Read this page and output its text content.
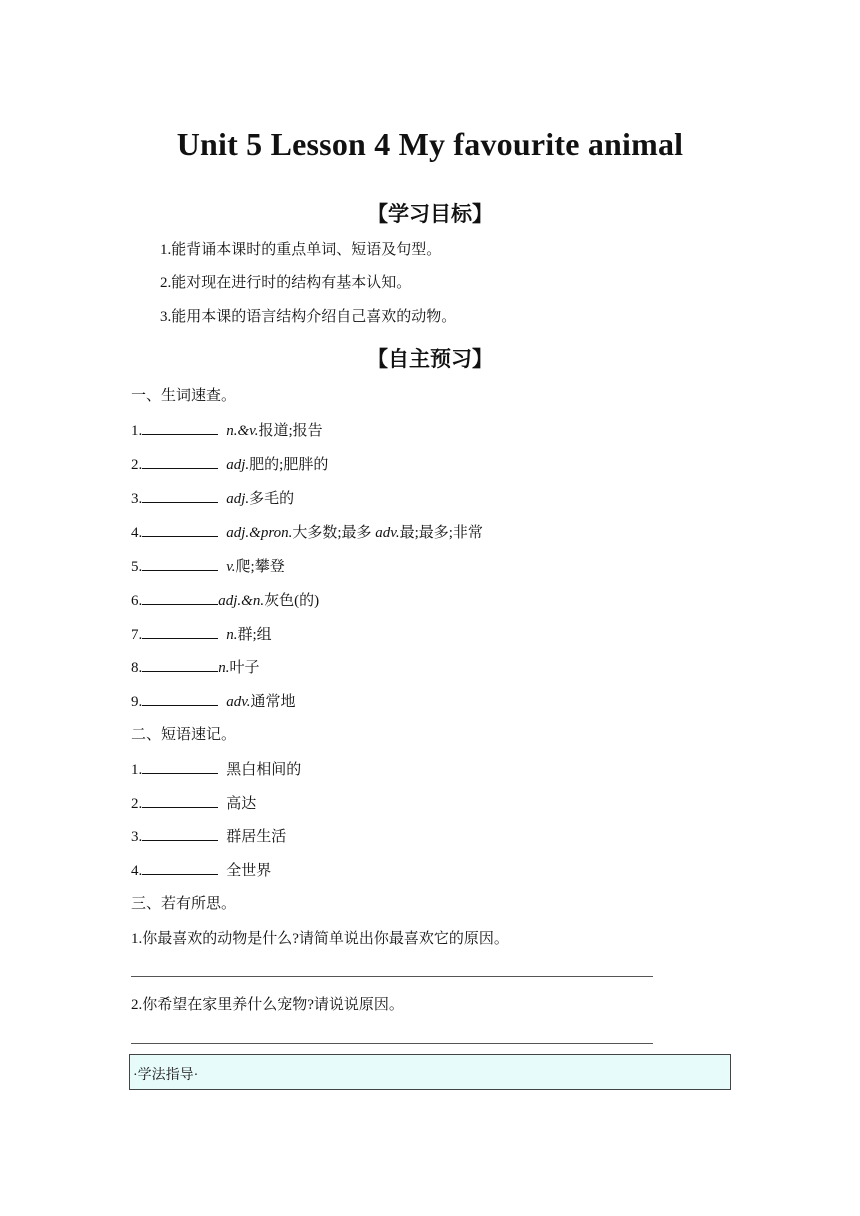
Unit 5 Lesson 4 My favourite animal
【学习目标】
1.能背诵本课时的重点单词、短语及句型。
2.能对现在进行时的结构有基本认知。
3.能用本课的语言结构介绍自己喜欢的动物。
【自主预习】
一、生词速查。
1.	n.&v.报道;报告
2.	adj.肥的;肥胖的
3.	adj.多毛的
4.	adj.&pron.大多数;最多 adv.最;最多;非常
5.	v.爬;攀登
6.	adj.&n.灰色(的)
7.	n.群;组
8.	n.叶子
9.	adv.通常地
二、短语速记。
1.	黑白相间的
2.	高达
3.	群居生活
4.	全世界
三、若有所思。
1.你最喜欢的动物是什么?请简单说出你最喜欢它的原因。
2.你希望在家里养什么宠物?请说说原因。
·学法指导·
